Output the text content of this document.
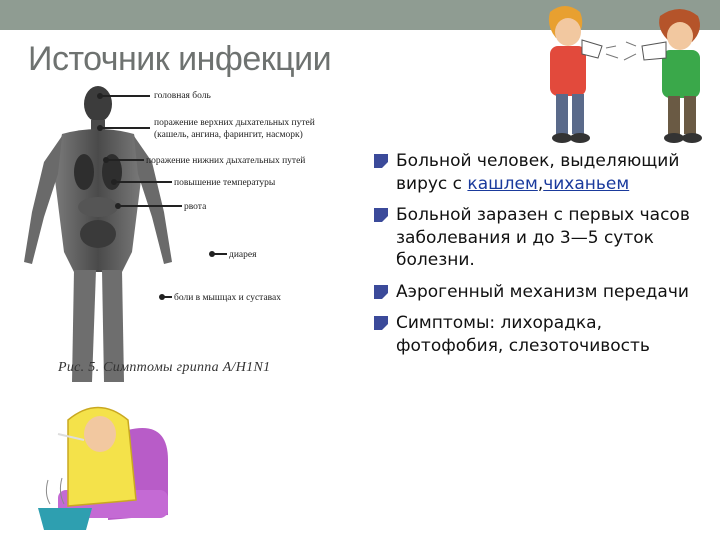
Источник инфекции
головная боль
поражение верхних дыхательных путей
(кашель, ангина, фарингит, насморк)
поражение нижних дыхательных путей
повышение температуры
рвота
диарея
боли в мышцах и суставах
Рис. 5. Симптомы гриппа A/H1N1
Больной человек, выделяющий вирус с кашлем,чиханьем
Больной заразен с первых часов заболевания и до 3—5 суток болезни.
Аэрогенный механизм передачи
Симптомы: лихорадка, фотофобия, слезоточивость
